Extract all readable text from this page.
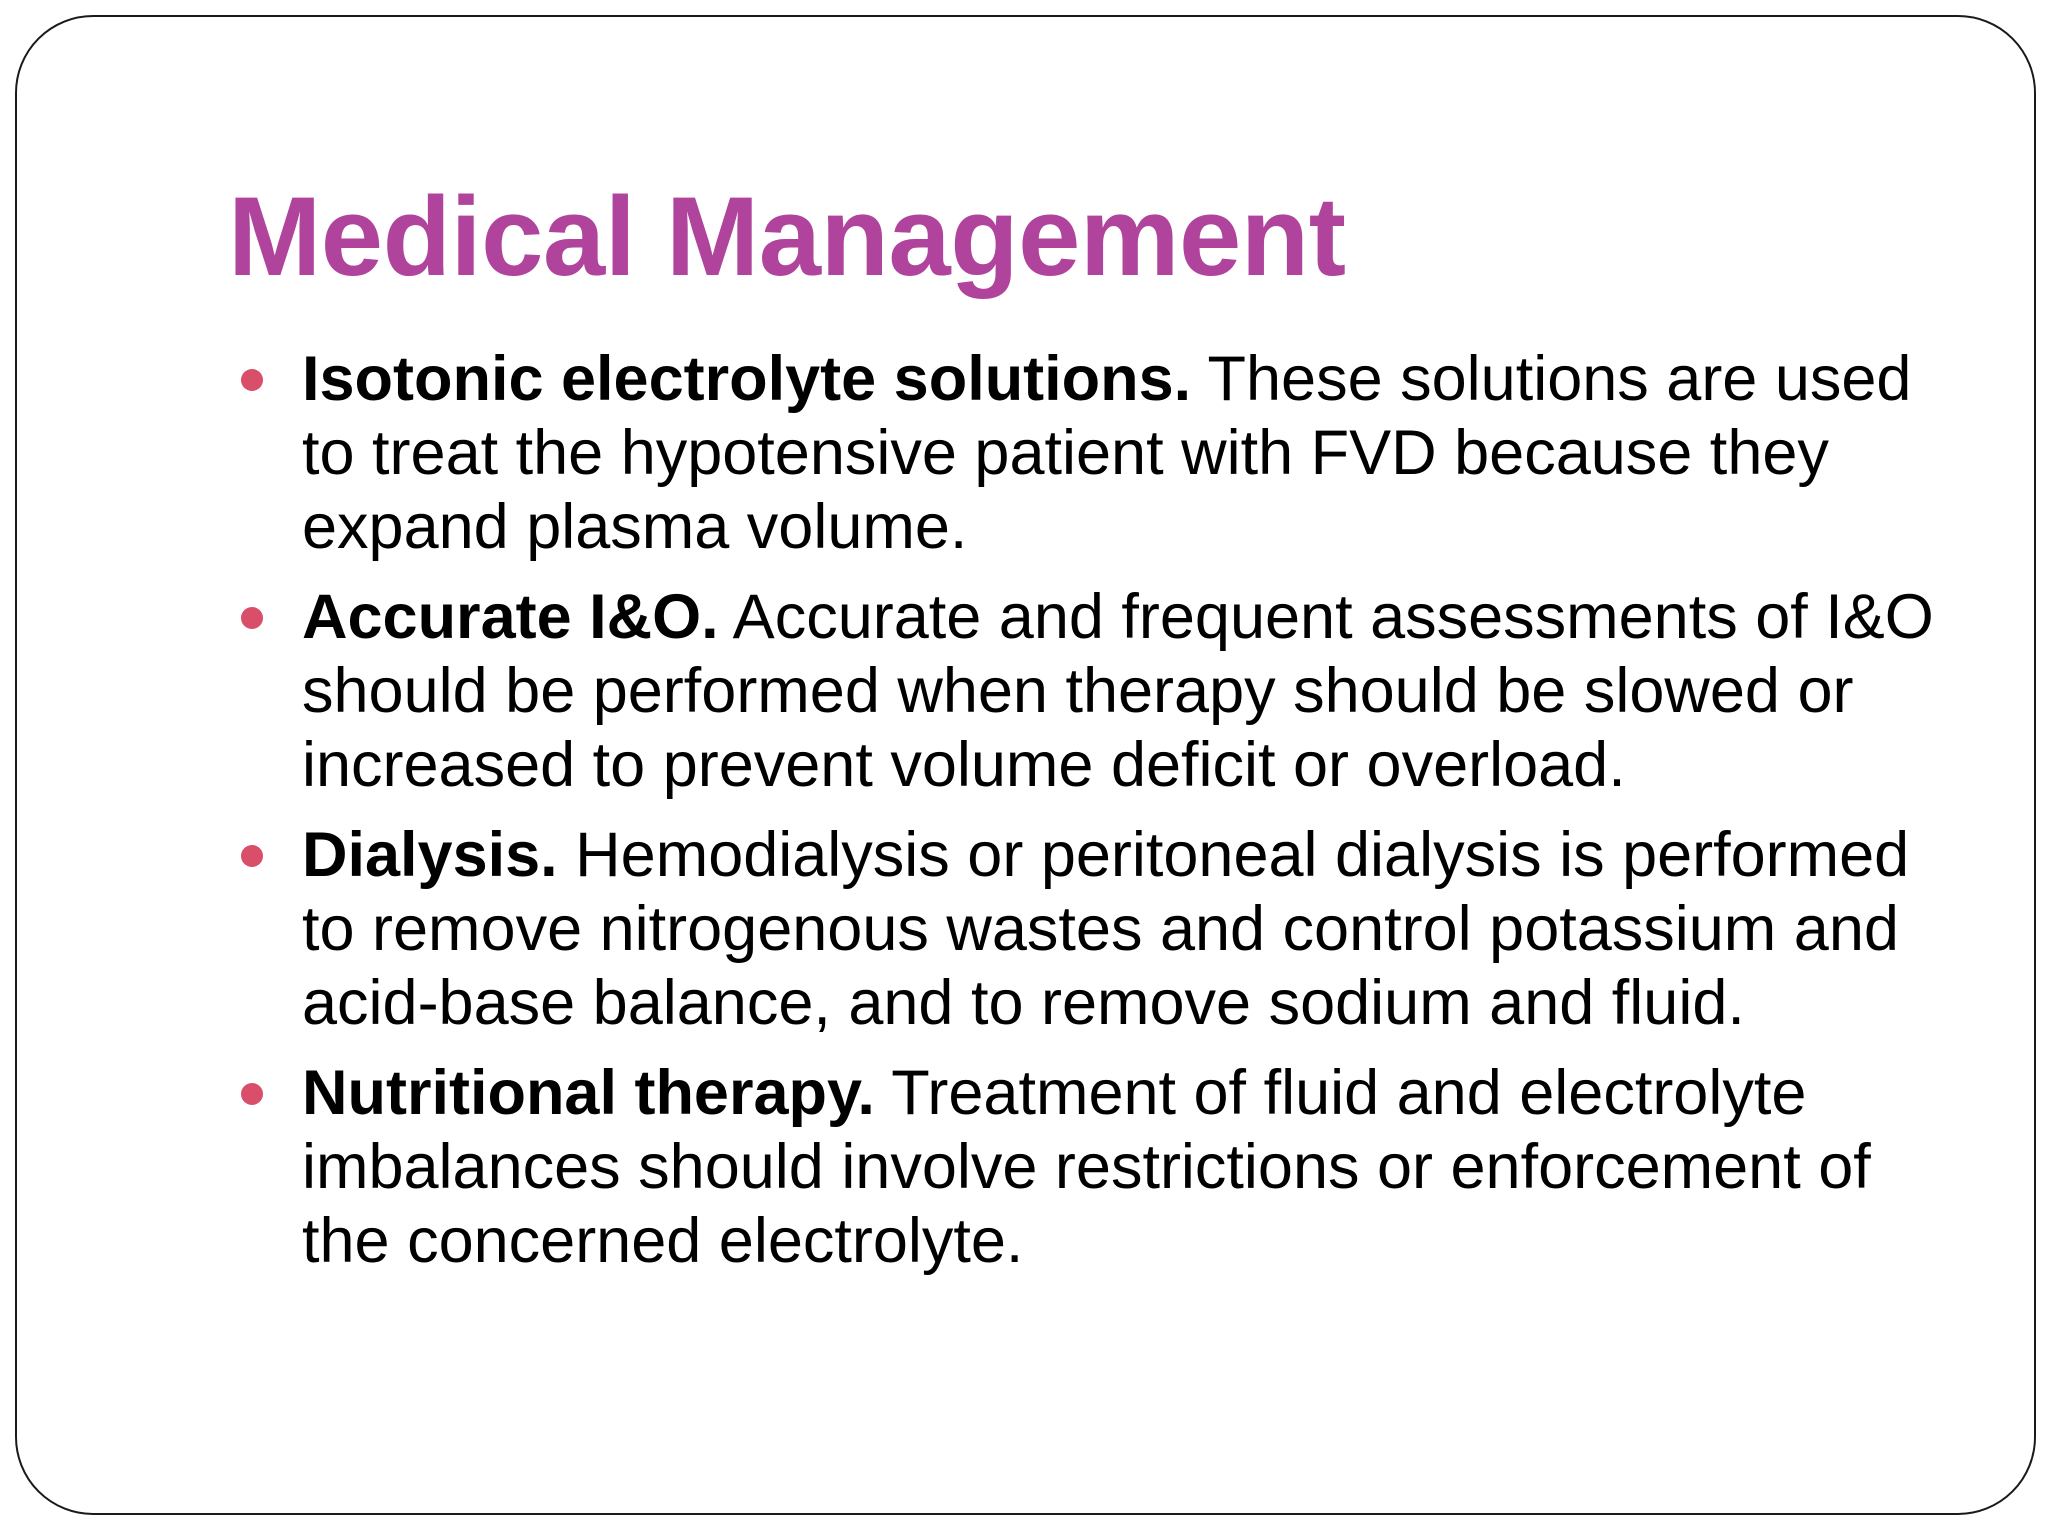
Medical Management
Isotonic electrolyte solutions. These solutions are used to treat the hypotensive patient with FVD because they expand plasma volume.
Accurate I&O. Accurate and frequent assessments of I&O should be performed when therapy should be slowed or increased to prevent volume deficit or overload.
Dialysis. Hemodialysis or peritoneal dialysis is performed to remove nitrogenous wastes and control potassium and acid-base balance, and to remove sodium and fluid.
Nutritional therapy. Treatment of fluid and electrolyte imbalances should involve restrictions or enforcement of the concerned electrolyte.
